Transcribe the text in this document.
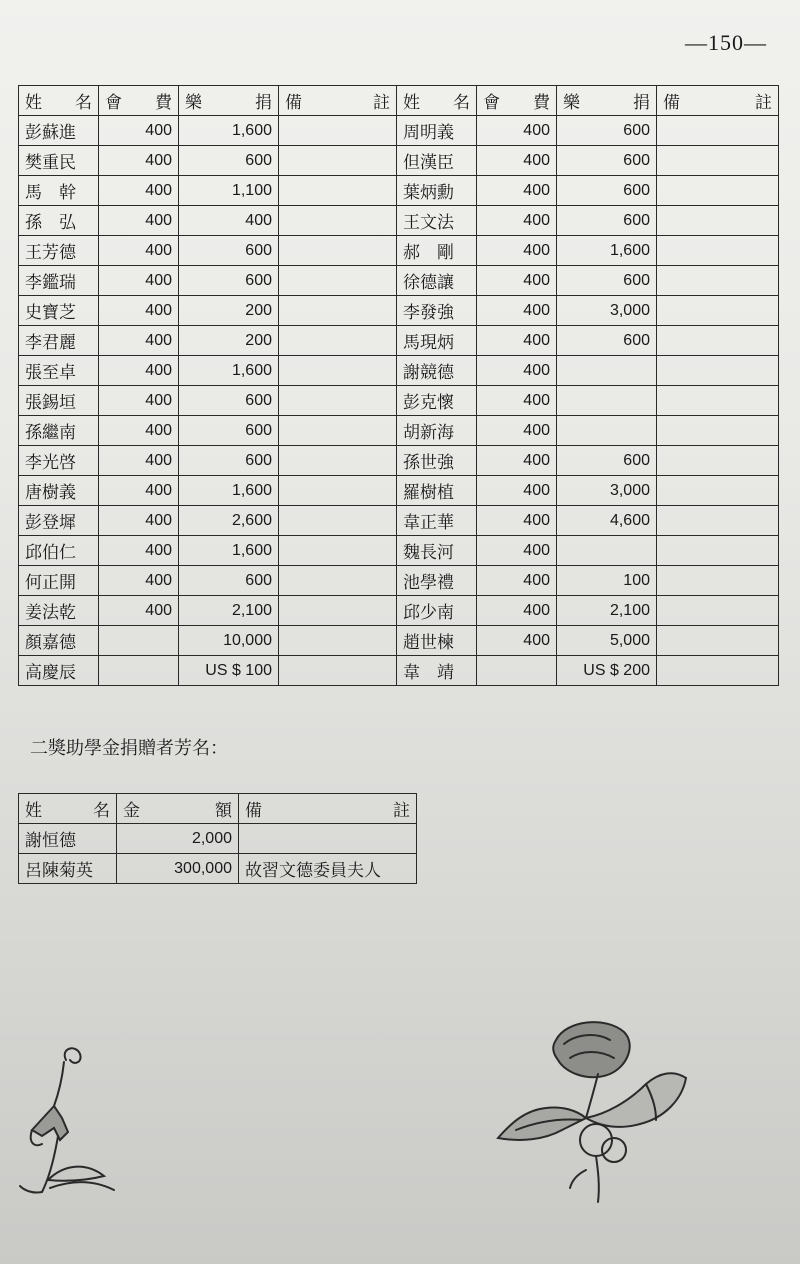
—150—
姓　名	會　費	樂　　捐	備　　　註	姓　名	會　費	樂　　捐	備　　　註
彭蘇進	400	1,600		周明義	400	600	
樊重民	400	600		但漢臣	400	600	
馬　幹	400	1,100		葉炳勳	400	600	
孫　弘	400	400		王文法	400	600	
王芳德	400	600		郝　剛	400	1,600	
李鑑瑞	400	600		徐德讓	400	600	
史寶芝	400	200		李發強	400	3,000	
李君麗	400	200		馬現炳	400	600	
張至卓	400	1,600		謝競德	400		
張錫垣	400	600		彭克懷	400		
孫繼南	400	600		胡新海	400		
李光啓	400	600		孫世強	400	600	
唐樹義	400	1,600		羅樹植	400	3,000	
彭登墀	400	2,600		韋正華	400	4,600	
邱伯仁	400	1,600		魏長河	400		
何正開	400	600		池學禮	400	100	
姜法乾	400	2,100		邱少南	400	2,100	
顏嘉德		10,000		趙世楝	400	5,000	
高慶辰		US $ 100		韋　靖		US $ 200	
二獎助學金捐贈者芳名：
姓　　名	金　　額	備　　　　註
謝恒德	2,000	
呂陳菊英	300,000	故習文德委員夫人
